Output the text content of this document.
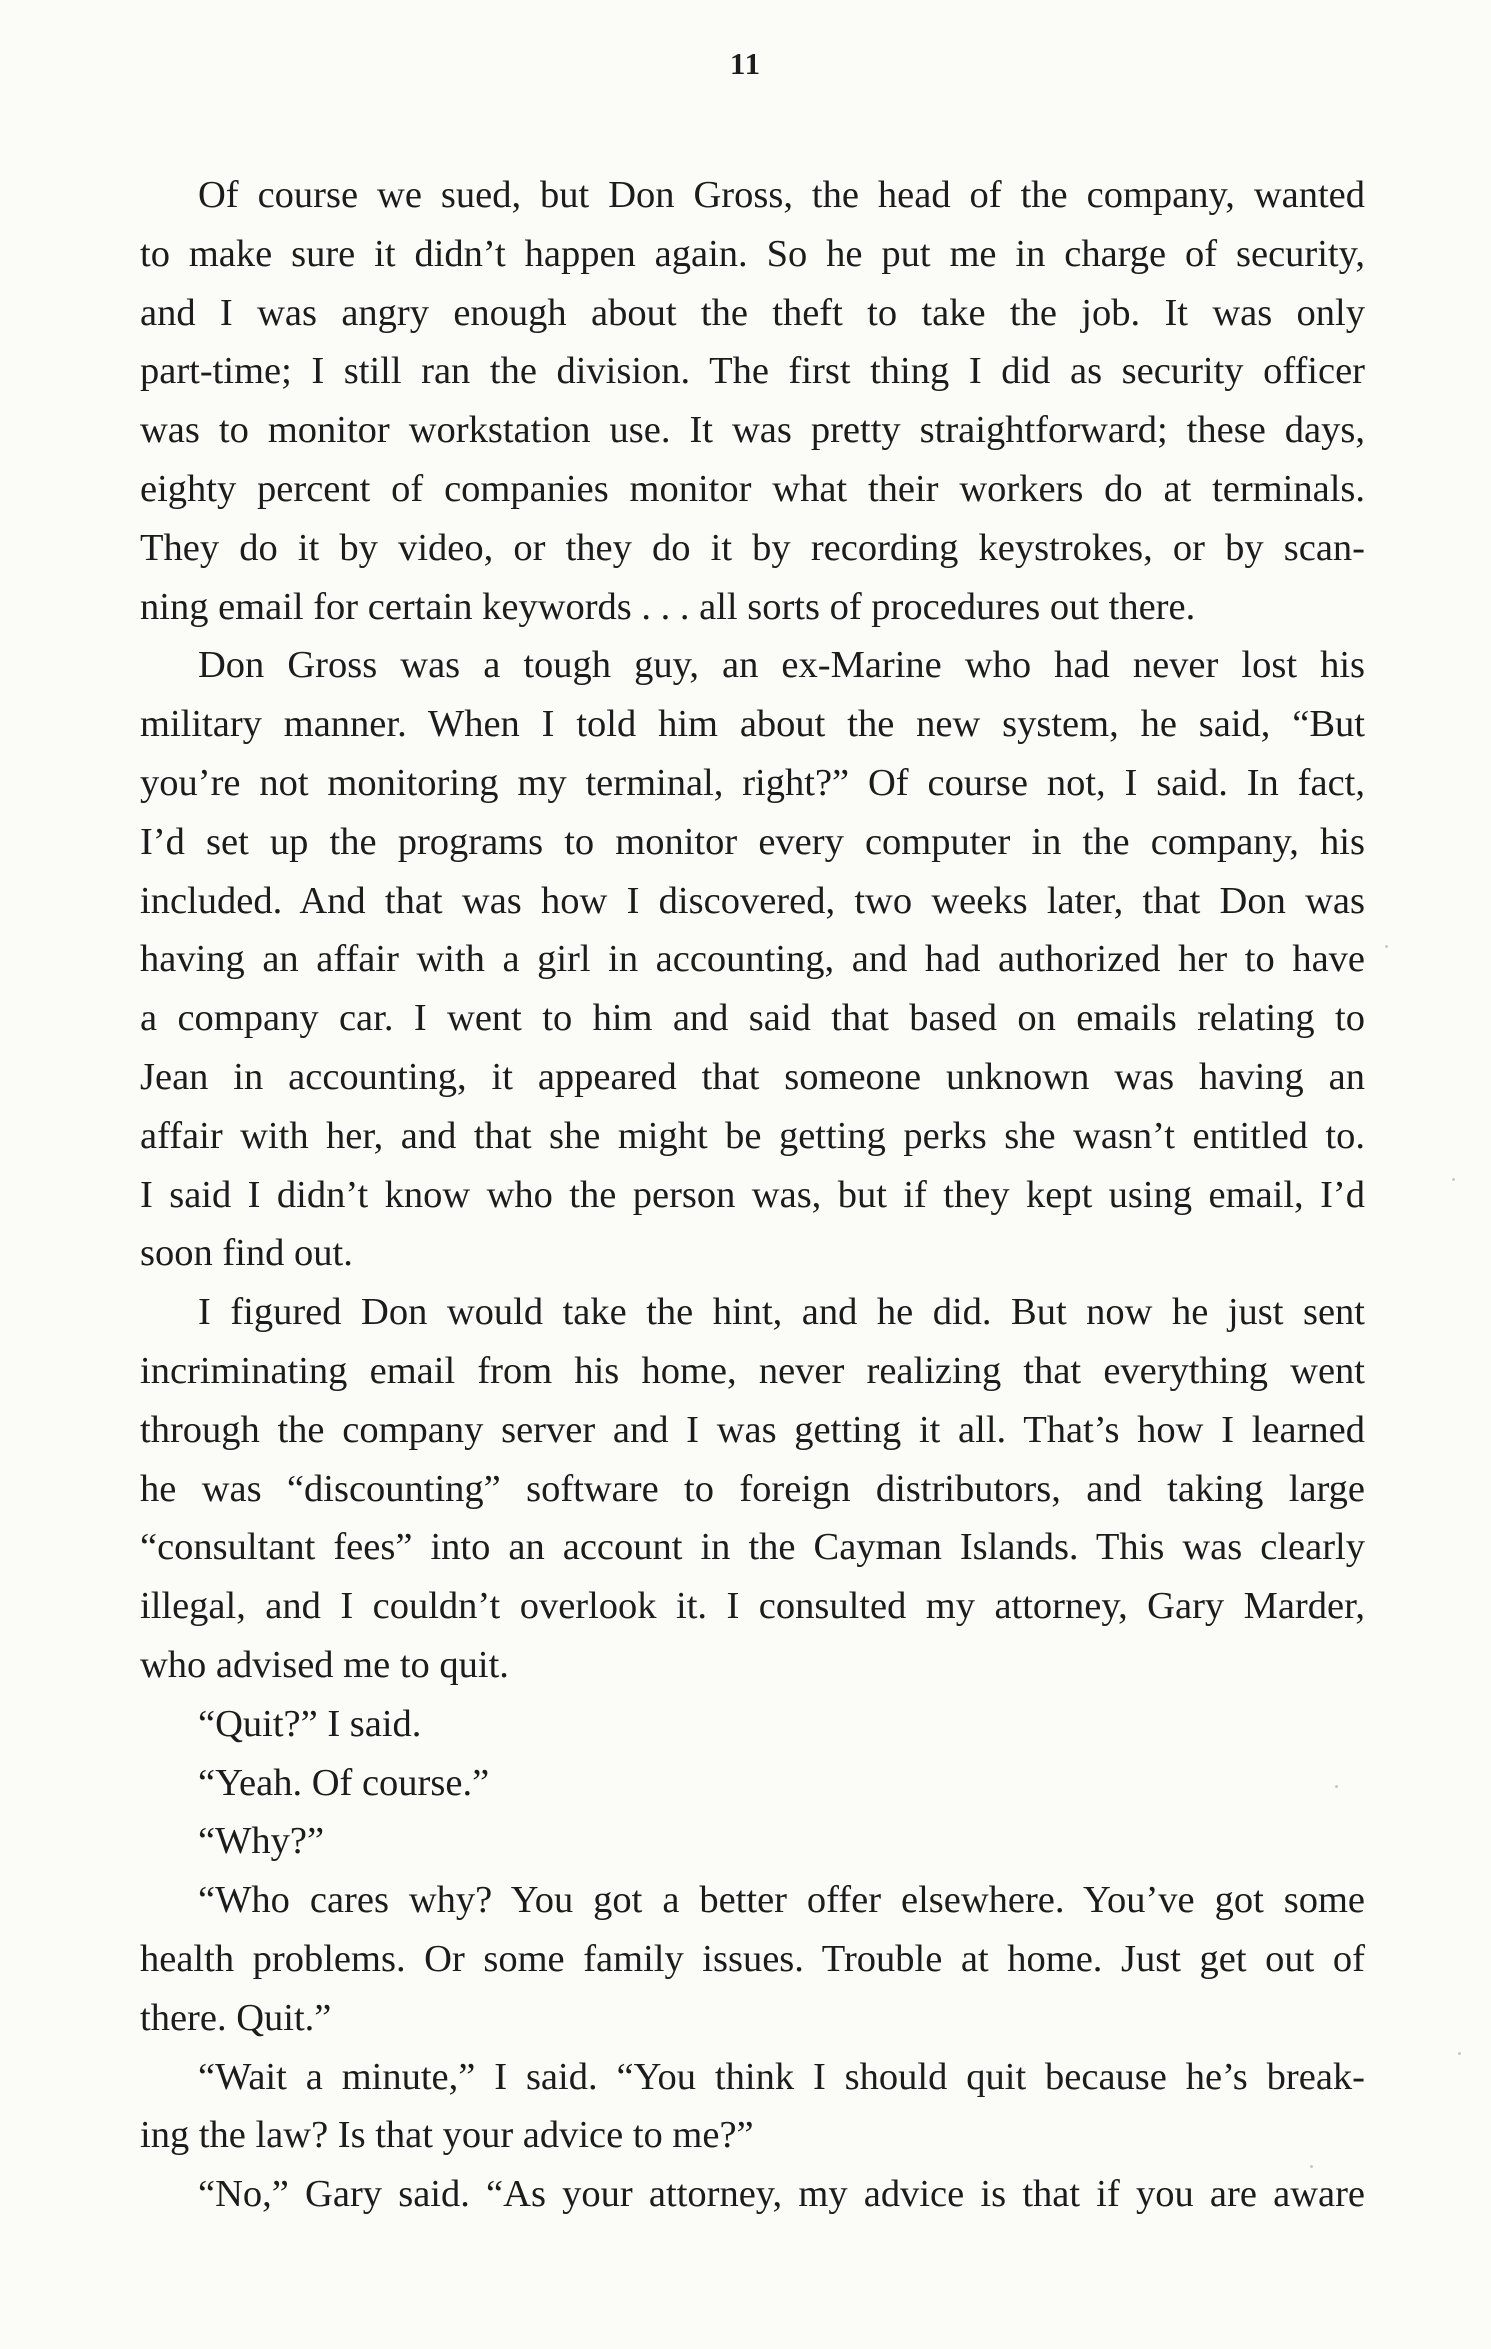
11
Of course we sued, but Don Gross, the head of the company, wanted
to make sure it didn’t happen again. So he put me in charge of security,
and I was angry enough about the theft to take the job. It was only
part-time; I still ran the division. The first thing I did as security officer
was to monitor workstation use. It was pretty straightforward; these days,
eighty percent of companies monitor what their workers do at terminals.
They do it by video, or they do it by recording keystrokes, or by scan-
ning email for certain keywords . . . all sorts of procedures out there.
Don Gross was a tough guy, an ex-Marine who had never lost his
military manner. When I told him about the new system, he said, “But
you’re not monitoring my terminal, right?” Of course not, I said. In fact,
I’d set up the programs to monitor every computer in the company, his
included. And that was how I discovered, two weeks later, that Don was
having an affair with a girl in accounting, and had authorized her to have
a company car. I went to him and said that based on emails relating to
Jean in accounting, it appeared that someone unknown was having an
affair with her, and that she might be getting perks she wasn’t entitled to.
I said I didn’t know who the person was, but if they kept using email, I’d
soon find out.
I figured Don would take the hint, and he did. But now he just sent
incriminating email from his home, never realizing that everything went
through the company server and I was getting it all. That’s how I learned
he was “discounting” software to foreign distributors, and taking large
“consultant fees” into an account in the Cayman Islands. This was clearly
illegal, and I couldn’t overlook it. I consulted my attorney, Gary Marder,
who advised me to quit.
“Quit?” I said.
“Yeah. Of course.”
“Why?”
“Who cares why? You got a better offer elsewhere. You’ve got some
health problems. Or some family issues. Trouble at home. Just get out of
there. Quit.”
“Wait a minute,” I said. “You think I should quit because he’s break-
ing the law? Is that your advice to me?”
“No,” Gary said. “As your attorney, my advice is that if you are aware
